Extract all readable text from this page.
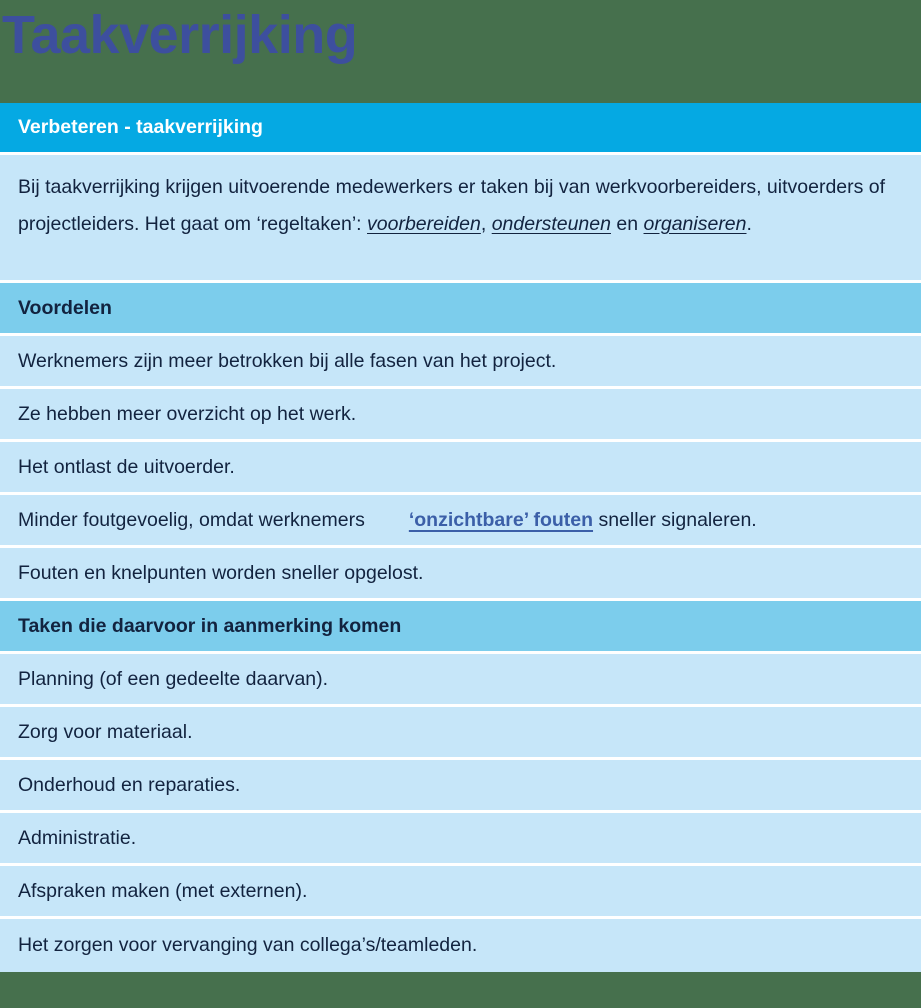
Taakverrijking
Verbeteren - taakverrijking

Bij taakverrijking krijgen uitvoerende medewerkers er taken bij van werkvoorbereiders, uitvoerders of projectleiders. Het gaat om ‘regeltaken’: voorbereiden, ondersteunen en organiseren.

Voordelen

Werknemers zijn meer betrokken bij alle fasen van het project.

Ze hebben meer overzicht op het werk.

Het ontlast de uitvoerder.

Minder foutgevoelig, omdat werknemers ‘onzichtbare’ fouten sneller signaleren.

Fouten en knelpunten worden sneller opgelost.

Taken die daarvoor in aanmerking komen

Planning (of een gedeelte daarvan).

Zorg voor materiaal.

Onderhoud en reparaties.

Administratie.

Afspraken maken (met externen).

Het zorgen voor vervanging van collega’s/teamleden.
